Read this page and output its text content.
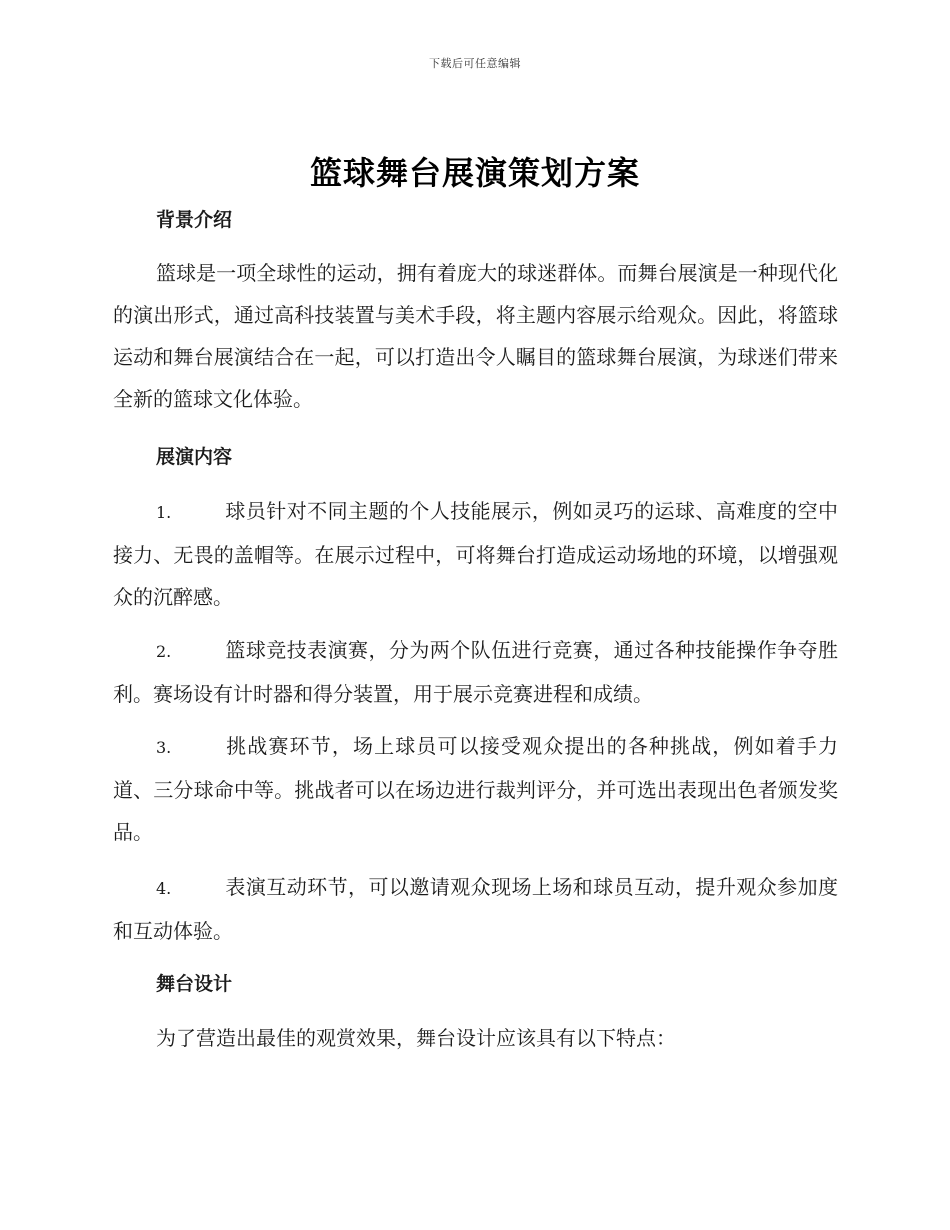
下载后可任意编辑
篮球舞台展演策划方案
背景介绍

篮球是一项全球性的运动，拥有着庞大的球迷群体。而舞台展演是一种现代化的演出形式，通过高科技装置与美术手段，将主题内容展示给观众。因此，将篮球运动和舞台展演结合在一起，可以打造出令人瞩目的篮球舞台展演，为球迷们带来全新的篮球文化体验。

展演内容

1.	球员针对不同主题的个人技能展示，例如灵巧的运球、高难度的空中接力、无畏的盖帽等。在展示过程中，可将舞台打造成运动场地的环境，以增强观众的沉醉感。

2.	篮球竞技表演赛，分为两个队伍进行竞赛，通过各种技能操作争夺胜利。赛场设有计时器和得分装置，用于展示竞赛进程和成绩。

3.	挑战赛环节，场上球员可以接受观众提出的各种挑战，例如着手力道、三分球命中等。挑战者可以在场边进行裁判评分，并可选出表现出色者颁发奖品。

4.	表演互动环节，可以邀请观众现场上场和球员互动，提升观众参加度和互动体验。

舞台设计

为了营造出最佳的观赏效果，舞台设计应该具有以下特点：
